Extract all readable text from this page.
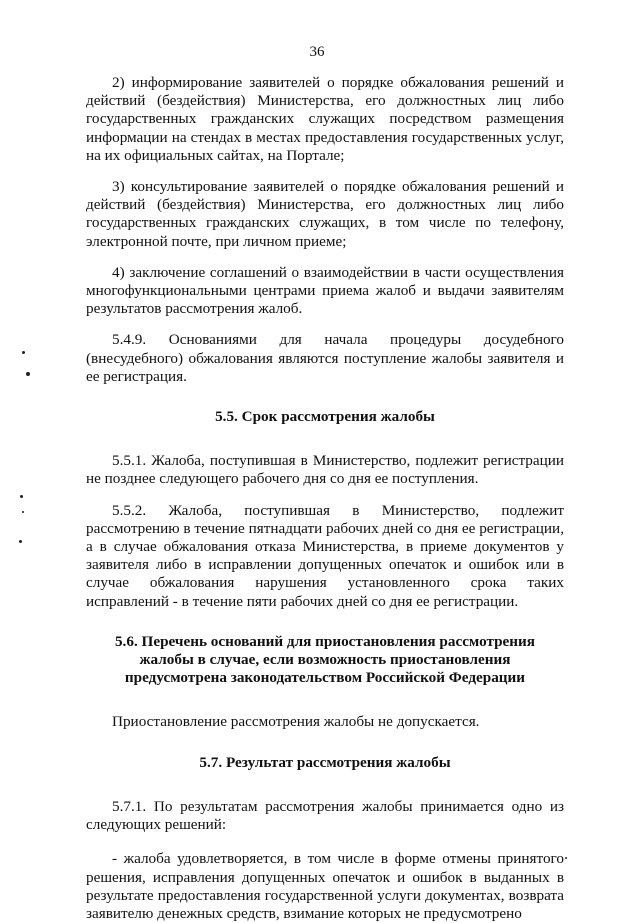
36

2) информирование заявителей о порядке обжалования решений и действий (бездействия) Министерства, его должностных лиц либо государственных гражданских служащих посредством размещения информации на стендах в местах предоставления государственных услуг, на их официальных сайтах, на Портале;

3) консультирование заявителей о порядке обжалования решений и действий (бездействия) Министерства, его должностных лиц либо государственных гражданских служащих, в том числе по телефону, электронной почте, при личном приеме;

4) заключение соглашений о взаимодействии в части осуществления многофункциональными центрами приема жалоб и выдачи заявителям результатов рассмотрения жалоб.

5.4.9. Основаниями для начала процедуры досудебного (внесудебного) обжалования являются поступление жалобы заявителя и ее регистрация.

5.5. Срок рассмотрения жалобы

5.5.1. Жалоба, поступившая в Министерство, подлежит регистрации не позднее следующего рабочего дня со дня ее поступления.

5.5.2. Жалоба, поступившая в Министерство, подлежит рассмотрению в течение пятнадцати рабочих дней со дня ее регистрации, а в случае обжалования отказа Министерства, в приеме документов у заявителя либо в исправлении допущенных опечаток и ошибок или в случае обжалования нарушения установленного срока таких исправлений - в течение пяти рабочих дней со дня ее регистрации.

5.6. Перечень оснований для приостановления рассмотрения
жалобы в случае, если возможность приостановления
предусмотрена законодательством Российской Федерации

Приостановление рассмотрения жалобы не допускается.

5.7. Результат рассмотрения жалобы

5.7.1. По результатам рассмотрения жалобы принимается одно из следующих решений:

- жалоба удовлетворяется, в том числе в форме отмены принятого решения, исправления допущенных опечаток и ошибок в выданных в результате предоставления государственной услуги документах, возврата заявителю денежных средств, взимание которых не предусмотрено
